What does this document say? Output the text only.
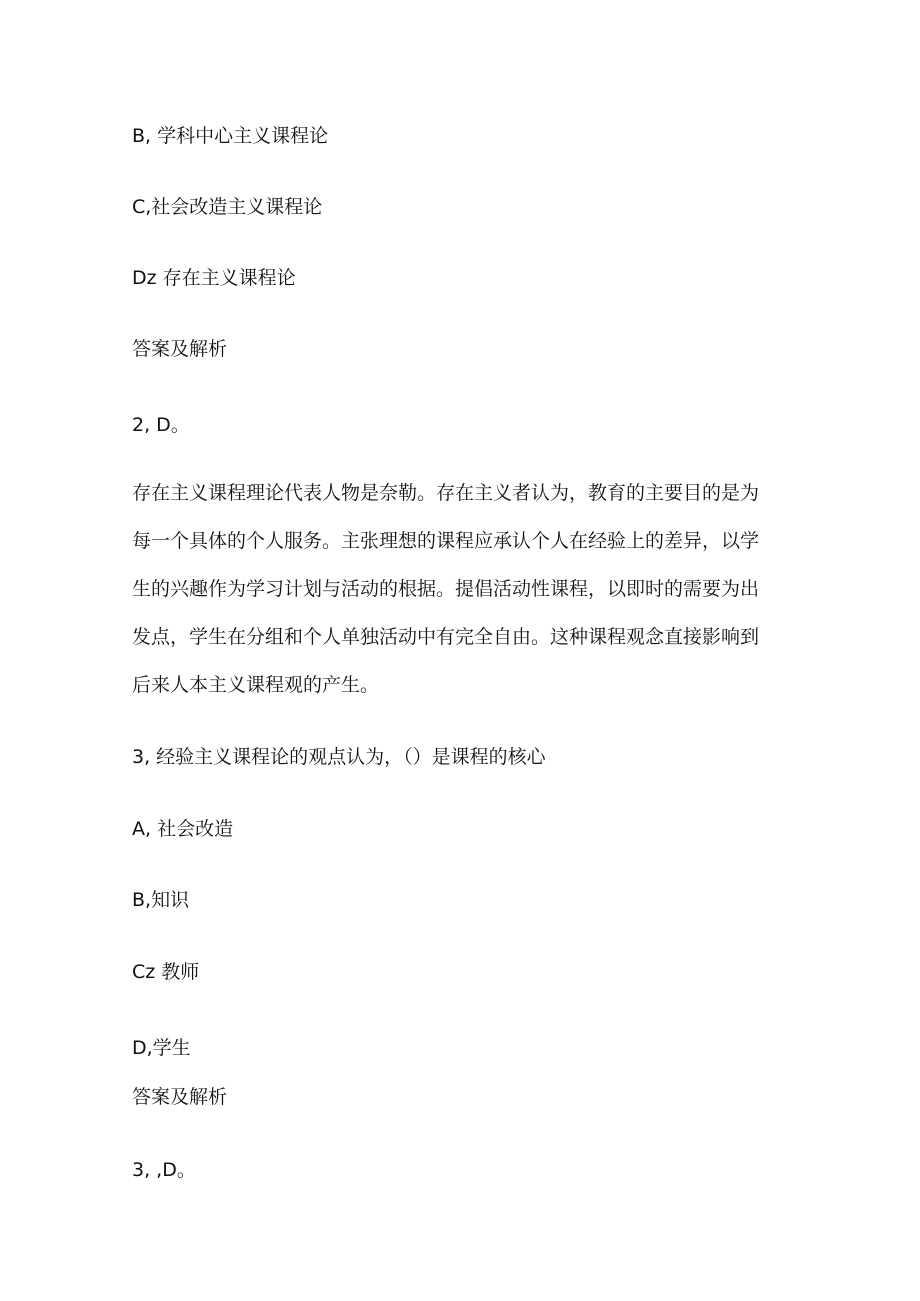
B, 学科中心主义课程论

C,社会改造主义课程论

Dz 存在主义课程论

答案及解析

2, D。

存在主义课程理论代表人物是奈勒。存在主义者认为，教育的主要目的是为
每一个具体的个人服务。主张理想的课程应承认个人在经验上的差异，以学
生的兴趣作为学习计划与活动的根据。提倡活动性课程，以即时的需要为出
发点，学生在分组和个人单独活动中有完全自由。这种课程观念直接影响到
后来人本主义课程观的产生。

3, 经验主义课程论的观点认为，（）是课程的核心

A, 社会改造

B,知识

Cz 教师

D,学生

答案及解析

3, ,D。
